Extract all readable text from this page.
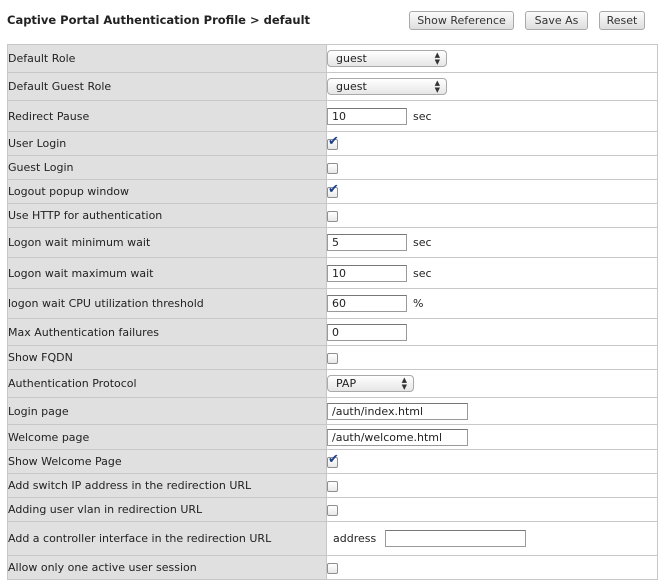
Captive Portal Authentication Profile > default	Show Reference	Save As	Reset
Default Role	guest ▲
▼

Default Guest Role	guest ▲
▼

Redirect Pause	10 sec
User Login	✔

Guest Login	
Logout popup window	✔

Use HTTP for authentication	
Logon wait minimum wait	5 sec
Logon wait maximum wait	10 sec
logon wait CPU utilization threshold	60 %
Max Authentication failures	0
Show FQDN	
Authentication Protocol	PAP ▲
▼

Login page	/auth/index.html
Welcome page	/auth/welcome.html
Show Welcome Page	✔

Add switch IP address in the redirection URL	
Adding user vlan in redirection URL	
Add a controller interface in the redirection URL	address
Allow only one active user session	
